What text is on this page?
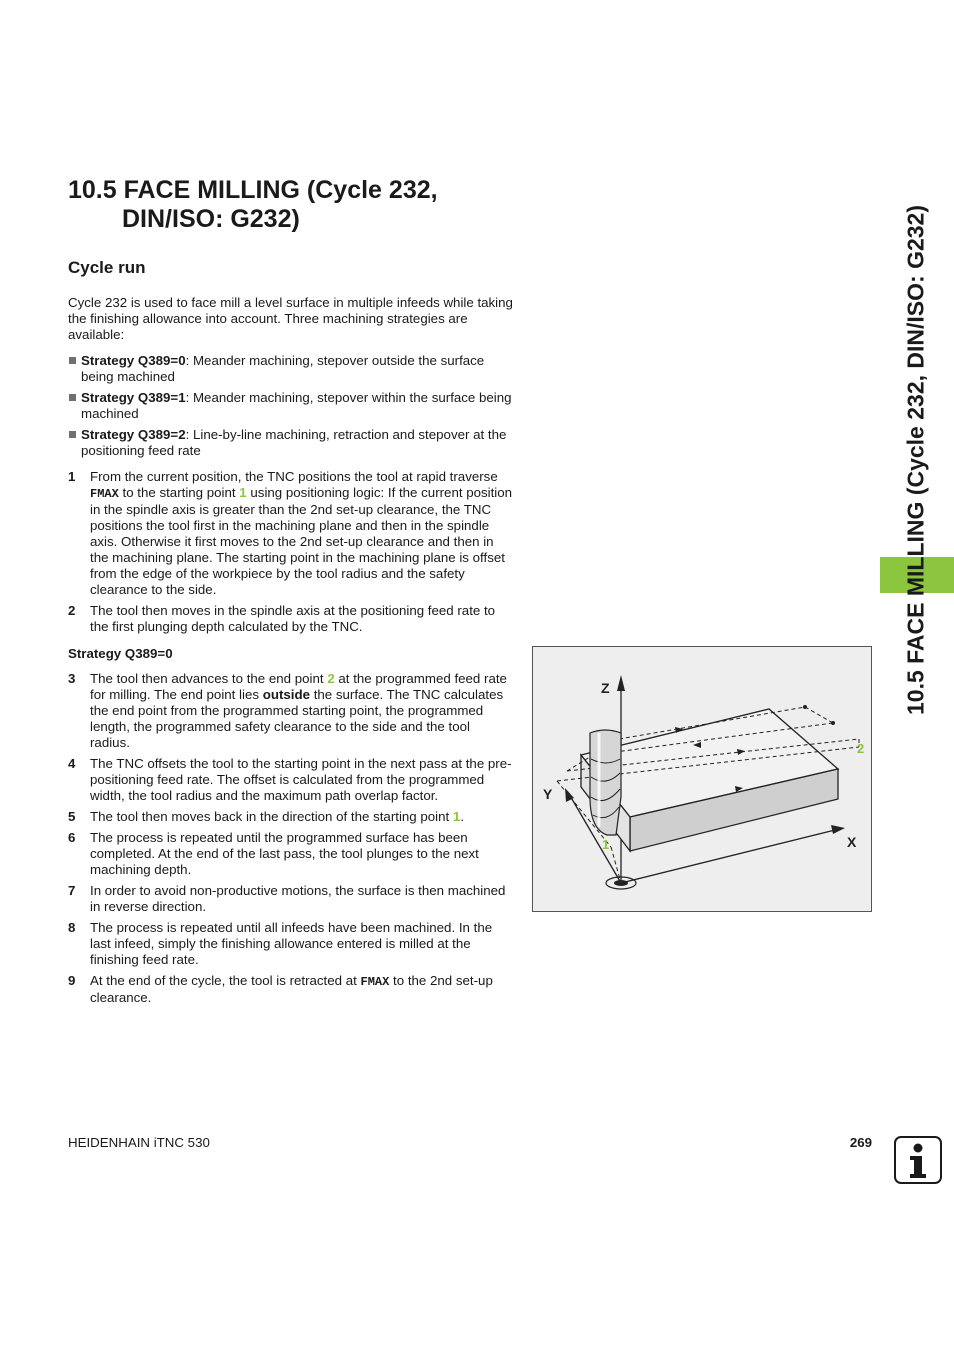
10.5 FACE MILLING (Cycle 232,
DIN/ISO: G232)
Cycle run

Cycle 232 is used to face mill a level surface in multiple infeeds while taking the finishing allowance into account. Three machining strategies are available:

Strategy Q389=0: Meander machining, stepover outside the surface being machined
Strategy Q389=1: Meander machining, stepover within the surface being machined
Strategy Q389=2: Line-by-line machining, retraction and stepover at the positioning feed rate
1 From the current position, the TNC positions the tool at rapid traverse FMAX to the starting point 1 using positioning logic: If the current position in the spindle axis is greater than the 2nd set-up clearance, the TNC positions the tool first in the machining plane and then in the spindle axis. Otherwise it first moves to the 2nd set-up clearance and then in the machining plane. The starting point in the machining plane is offset from the edge of the workpiece by the tool radius and the safety clearance to the side.
2 The tool then moves in the spindle axis at the positioning feed rate to the first plunging depth calculated by the TNC.

Strategy Q389=0

3 The tool then advances to the end point 2 at the programmed feed rate for milling. The end point lies outside the surface. The TNC calculates the end point from the programmed starting point, the programmed length, the programmed safety clearance to the side and the tool radius.
4 The TNC offsets the tool to the starting point in the next pass at the pre-positioning feed rate. The offset is calculated from the programmed width, the tool radius and the maximum path overlap factor.
5 The tool then moves back in the direction of the starting point 1.
6 The process is repeated until the programmed surface has been completed. At the end of the last pass, the tool plunges to the next machining depth.
7 In order to avoid non-productive motions, the surface is then machined in reverse direction.
8 The process is repeated until all infeeds have been machined. In the last infeed, simply the finishing allowance entered is milled at the finishing feed rate.
9 At the end of the cycle, the tool is retracted at FMAX to the 2nd set-up clearance.
Z
Y
X
1
2
10.5 FACE MILLING (Cycle 232, DIN/ISO: G232)
HEIDENHAIN iTNC 530	269
